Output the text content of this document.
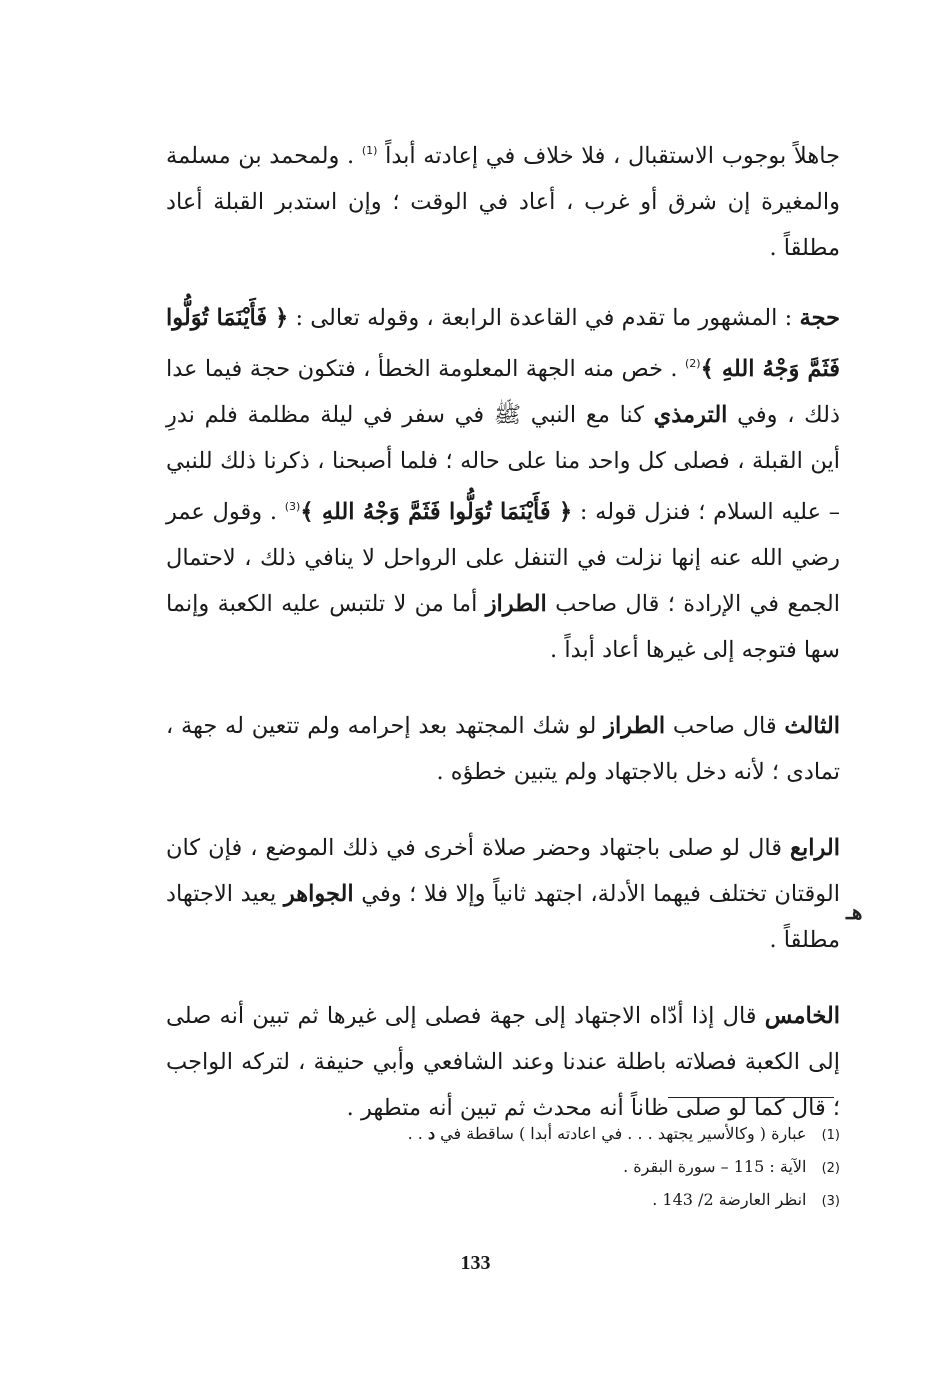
جاهلاً بوجوب الاستقبال ، فلا خلاف في إعادته أبداً $^{(1)}$ . ولمحمد بن مسلمة والمغيرة إن شرق أو غرب ، أعاد في الوقت ؛ وإن استدبر القبلة أعاد مطلقاً .

حجة : المشهور ما تقدم في القاعدة الرابعة ، وقوله تعالى : ﴿ فَأَيْنَمَا تُوَلُّوا فَثَمَّ وَجْهُ اللهِ ﴾$^{(2)}$ . خص منه الجهة المعلومة الخطأ ، فتكون حجة فيما عدا ذلك ، وفي الترمذي كنا مع النبي ﷺ في سفر في ليلة مظلمة فلم ندرِ أين القبلة ، فصلى كل واحد منا على حاله ؛ فلما أصبحنا ، ذكرنا ذلك للنبي – عليه السلام ؛ فنزل قوله : ﴿ فَأَيْنَمَا تُوَلُّوا فَثَمَّ وَجْهُ اللهِ ﴾$^{(3)}$ . وقول عمر رضي الله عنه إنها نزلت في التنفل على الرواحل لا ينافي ذلك ، لاحتمال الجمع في الإرادة ؛ قال صاحب الطراز أما من لا تلتبس عليه الكعبة وإنما سها فتوجه إلى غيرها أعاد أبداً .

الثالث قال صاحب الطراز لو شك المجتهد بعد إحرامه ولم تتعين له جهة ، تمادى ؛ لأنه دخل بالاجتهاد ولم يتبين خطؤه .

الرابع قال لو صلى باجتهاد وحضر صلاة أخرى في ذلك الموضع ، فإن كان الوقتان تختلف فيهما الأدلة، اجتهد ثانياً وإلا فلا ؛ وفي الجواهر يعيد الاجتهاد مطلقاً .

الخامس قال إذا أدّاه الاجتهاد إلى جهة فصلى إلى غيرها ثم تبين أنه صلى إلى الكعبة فصلاته باطلة عندنا وعند الشافعي وأبي حنيفة ، لتركه الواجب ؛ قال كما لو صلى ظاناً أنه محدث ثم تبين أنه متطهر .

هـ
(1) عبارة ( وكالأسير يجتهد . . . في اعادته أبدا ) ساقطة في د . .
(2) الآية : 115 – سورة البقرة .
(3) انظر العارضة 2/ 143 .
133
